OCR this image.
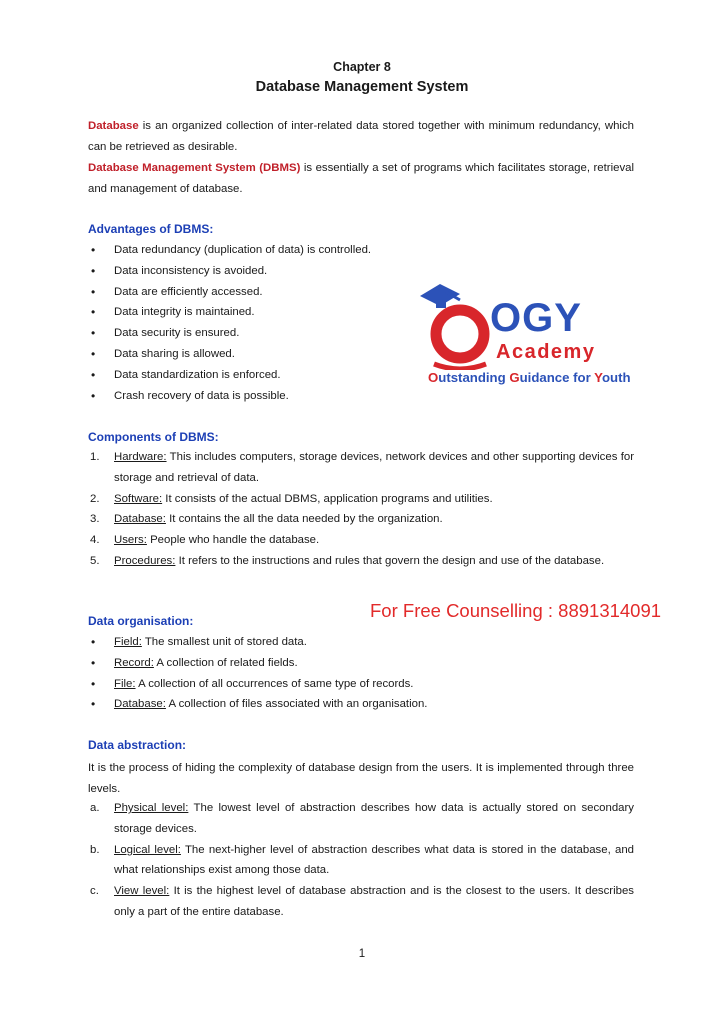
Chapter 8
Database Management System
Database is an organized collection of inter-related data stored together with minimum redundancy, which can be retrieved as desirable.
Database Management System (DBMS) is essentially a set of programs which facilitates storage, retrieval and management of database.
Advantages of DBMS:
• Data redundancy (duplication of data) is controlled.
• Data inconsistency is avoided.
• Data are efficiently accessed.
• Data integrity is maintained.
• Data security is ensured.
• Data sharing is allowed.
• Data standardization is enforced.
• Crash recovery of data is possible.
OGY
Academy
Outstanding Guidance for Youth
Components of DBMS:
1. Hardware: This includes computers, storage devices, network devices and other supporting devices for storage and retrieval of data.
2. Software: It consists of the actual DBMS, application programs and utilities.
3. Database: It contains the all the data needed by the organization.
4. Users: People who handle the database.
5. Procedures: It refers to the instructions and rules that govern the design and use of the database.
For Free Counselling : 8891314091
Data organisation:
• Field: The smallest unit of stored data.
• Record: A collection of related fields.
• File: A collection of all occurrences of same type of records.
• Database: A collection of files associated with an organisation.
Data abstraction:
It is the process of hiding the complexity of database design from the users. It is implemented through three levels.
a. Physical level: The lowest level of abstraction describes how data is actually stored on secondary storage devices.
b. Logical level: The next-higher level of abstraction describes what data is stored in the database, and what relationships exist among those data.
c. View level: It is the highest level of database abstraction and is the closest to the users. It describes only a part of the entire database.
1
